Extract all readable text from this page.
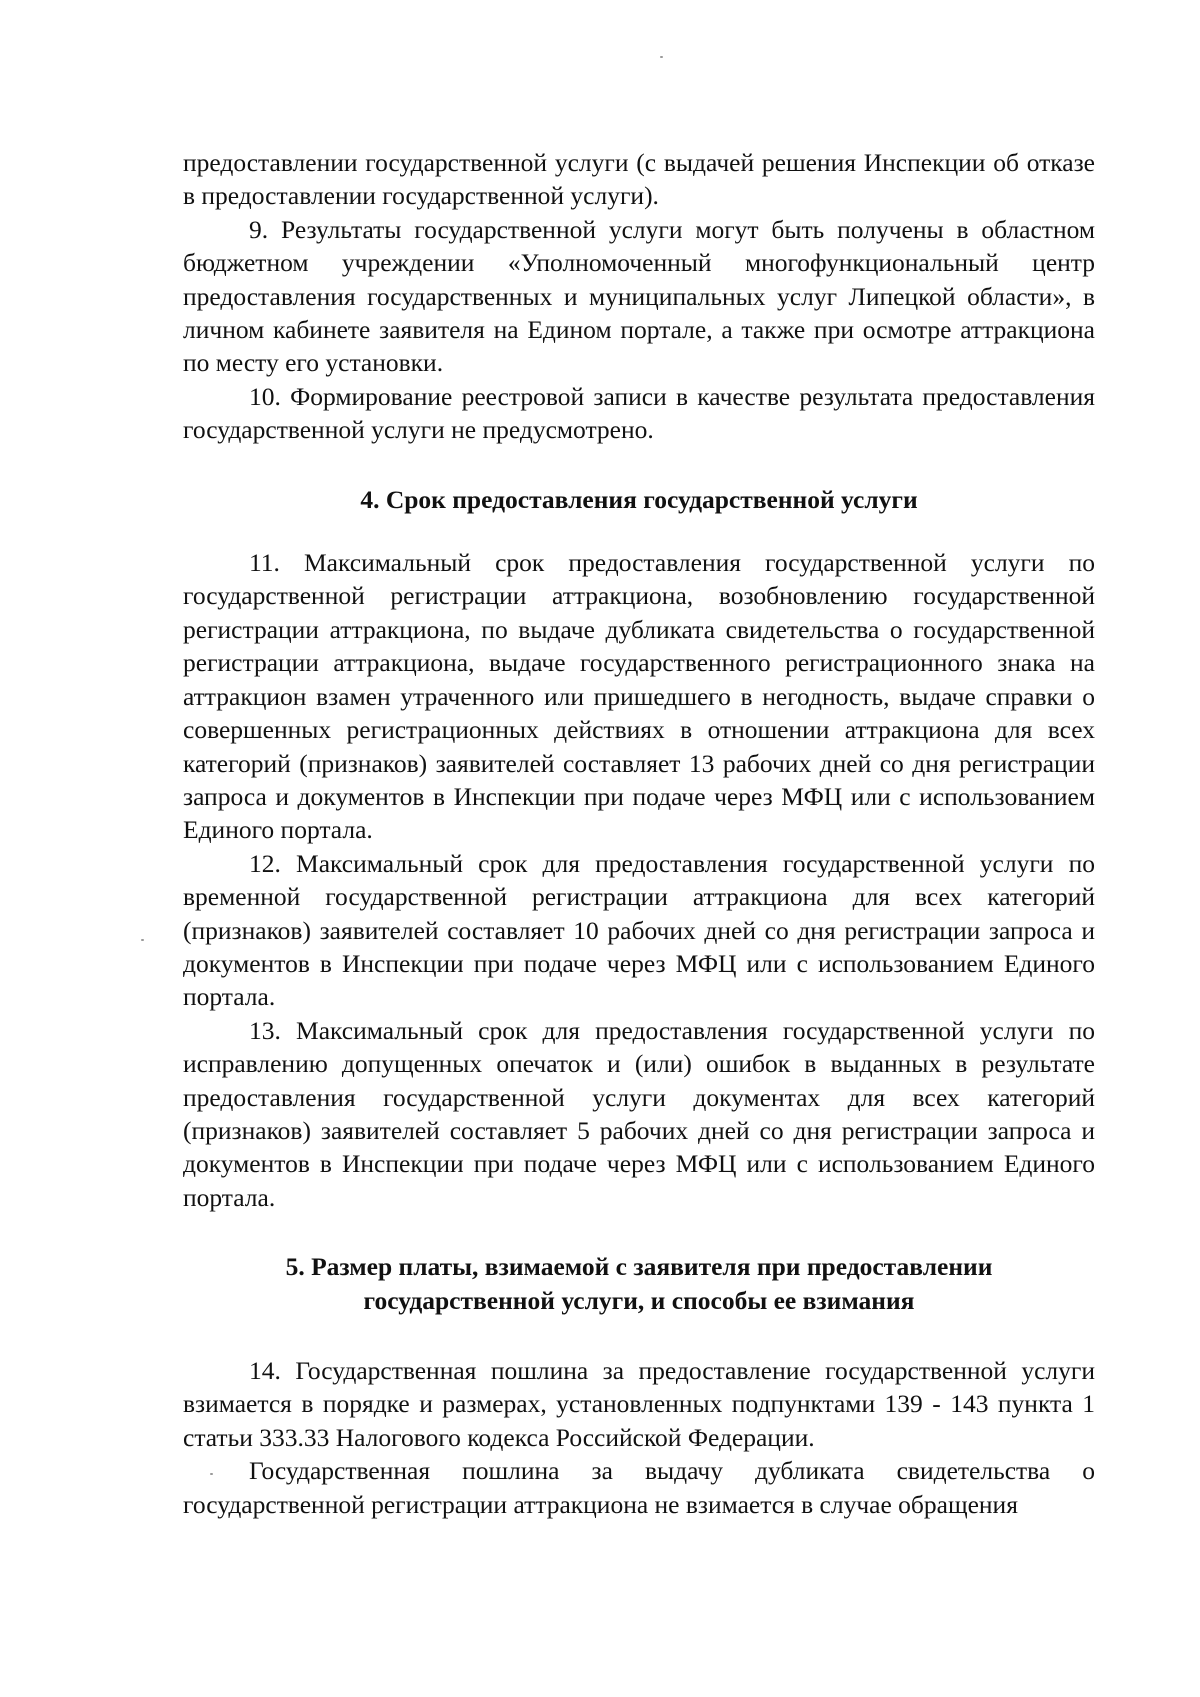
предоставлении государственной услуги (с выдачей решения Инспекции об отказе в предоставлении государственной услуги).

9. Результаты государственной услуги могут быть получены в областном бюджетном учреждении «Уполномоченный многофункциональный центр предоставления государственных и муниципальных услуг Липецкой области», в личном кабинете заявителя на Едином портале, а также при осмотре аттракциона по месту его установки.

10. Формирование реестровой записи в качестве результата предоставления государственной услуги не предусмотрено.

4. Срок предоставления государственной услуги

11. Максимальный срок предоставления государственной услуги по государственной регистрации аттракциона, возобновлению государственной регистрации аттракциона, по выдаче дубликата свидетельства о государственной регистрации аттракциона, выдаче государственного регистрационного знака на аттракцион взамен утраченного или пришедшего в негодность, выдаче справки о совершенных регистрационных действиях в отношении аттракциона для всех категорий (признаков) заявителей составляет 13 рабочих дней со дня регистрации запроса и документов в Инспекции при подаче через МФЦ или с использованием Единого портала.

12. Максимальный срок для предоставления государственной услуги по временной государственной регистрации аттракциона для всех категорий (признаков) заявителей составляет 10 рабочих дней со дня регистрации запроса и документов в Инспекции при подаче через МФЦ или с использованием Единого портала.

13. Максимальный срок для предоставления государственной услуги по исправлению допущенных опечаток и (или) ошибок в выданных в результате предоставления государственной услуги документах для всех категорий (признаков) заявителей составляет 5 рабочих дней со дня регистрации запроса и документов в Инспекции при подаче через МФЦ или с использованием Единого портала.

5. Размер платы, взимаемой с заявителя при предоставлении

государственной услуги, и способы ее взимания

14. Государственная пошлина за предоставление государственной услуги взимается в порядке и размерах, установленных подпунктами 139 - 143 пункта 1 статьи 333.33 Налогового кодекса Российской Федерации.

Государственная пошлина за выдачу дубликата свидетельства о государственной регистрации аттракциона не взимается в случае обращения
